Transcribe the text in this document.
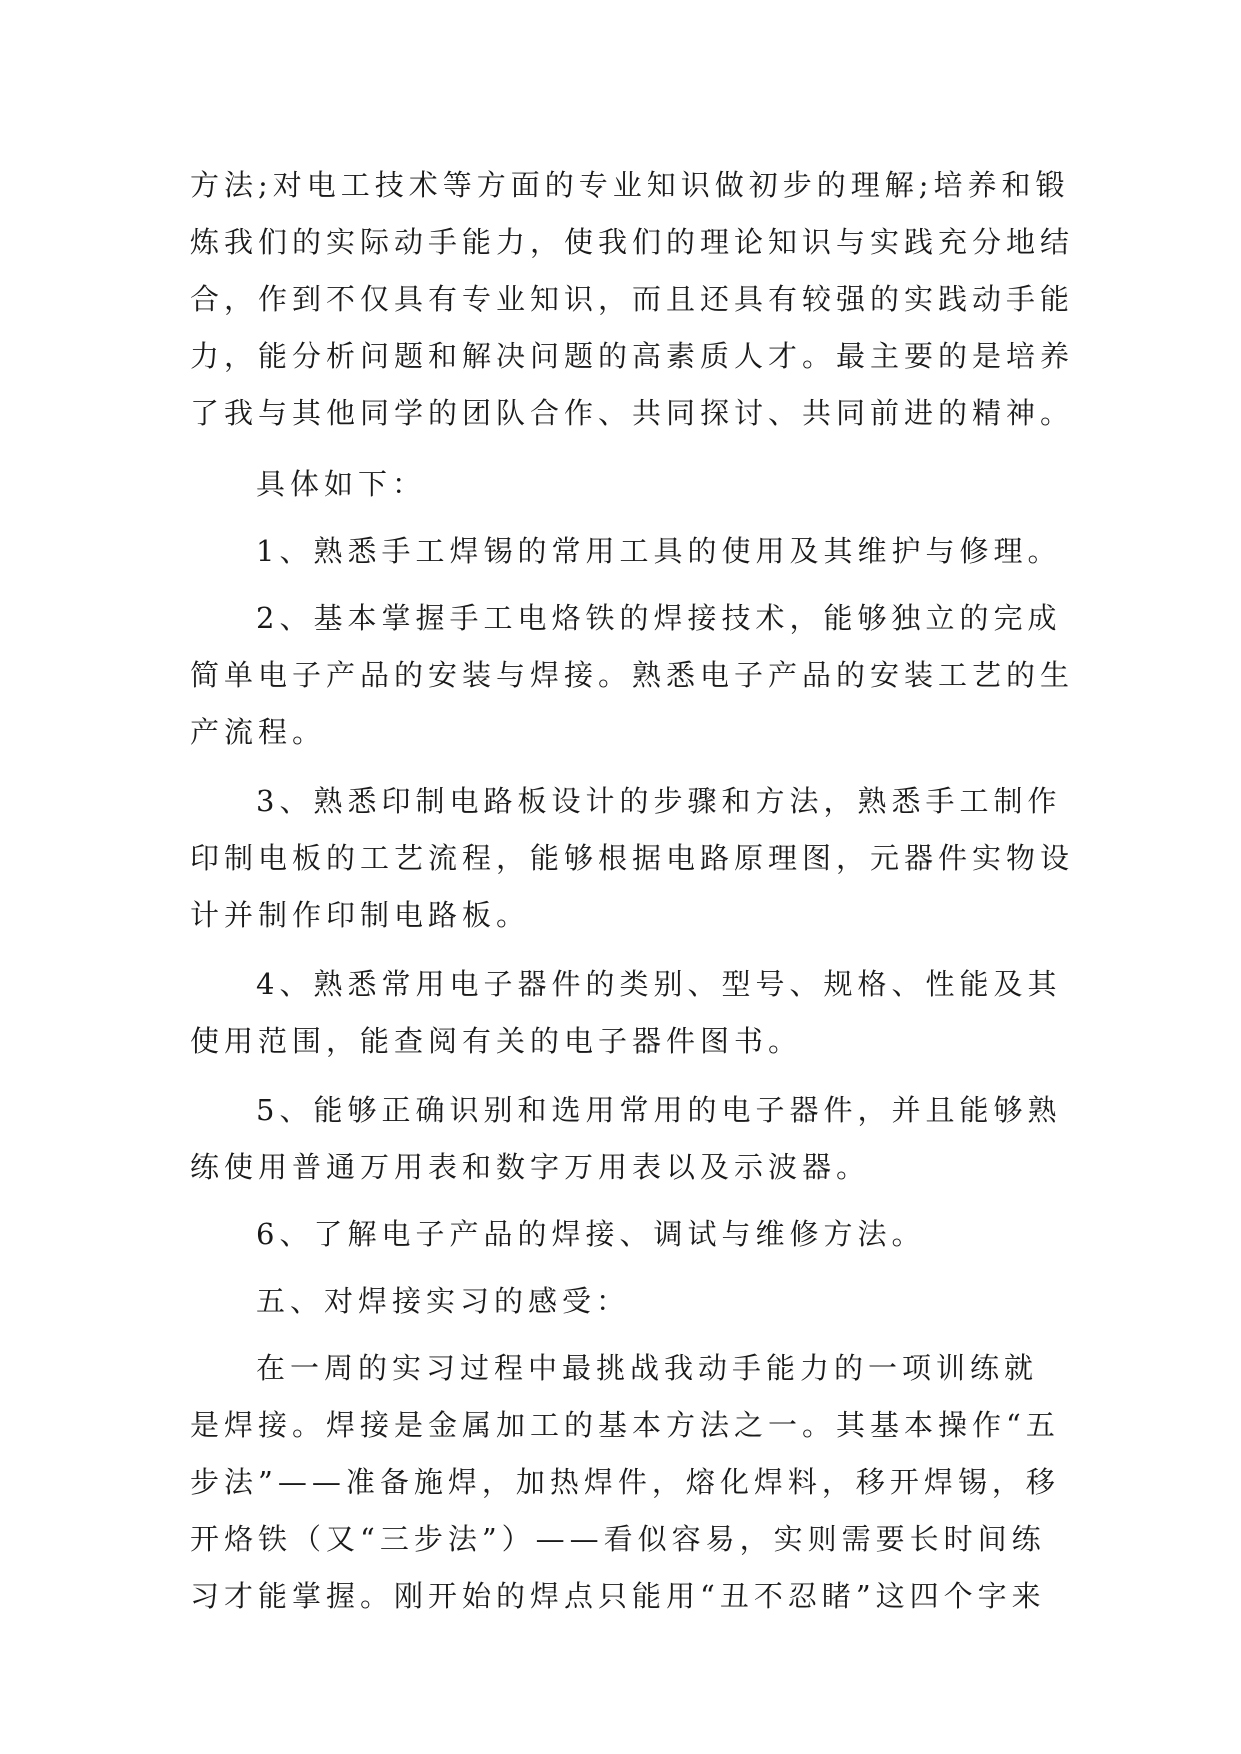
方法;对电工技术等方面的专业知识做初步的理解;培养和锻
炼我们的实际动手能力，使我们的理论知识与实践充分地结
合，作到不仅具有专业知识，而且还具有较强的实践动手能
力，能分析问题和解决问题的高素质人才。最主要的是培养
了我与其他同学的团队合作、共同探讨、共同前进的精神。
具体如下：
1、熟悉手工焊锡的常用工具的使用及其维护与修理。
2、基本掌握手工电烙铁的焊接技术，能够独立的完成
简单电子产品的安装与焊接。熟悉电子产品的安装工艺的生
产流程。
3、熟悉印制电路板设计的步骤和方法，熟悉手工制作
印制电板的工艺流程，能够根据电路原理图，元器件实物设
计并制作印制电路板。
4、熟悉常用电子器件的类别、型号、规格、性能及其
使用范围，能查阅有关的电子器件图书。
5、能够正确识别和选用常用的电子器件，并且能够熟
练使用普通万用表和数字万用表以及示波器。
6、了解电子产品的焊接、调试与维修方法。
五、对焊接实习的感受：
在一周的实习过程中最挑战我动手能力的一项训练就
是焊接。焊接是金属加工的基本方法之一。其基本操作“五
步法”——准备施焊，加热焊件，熔化焊料，移开焊锡，移
开烙铁（又“三步法”）——看似容易，实则需要长时间练
习才能掌握。刚开始的焊点只能用“丑不忍睹”这四个字来
